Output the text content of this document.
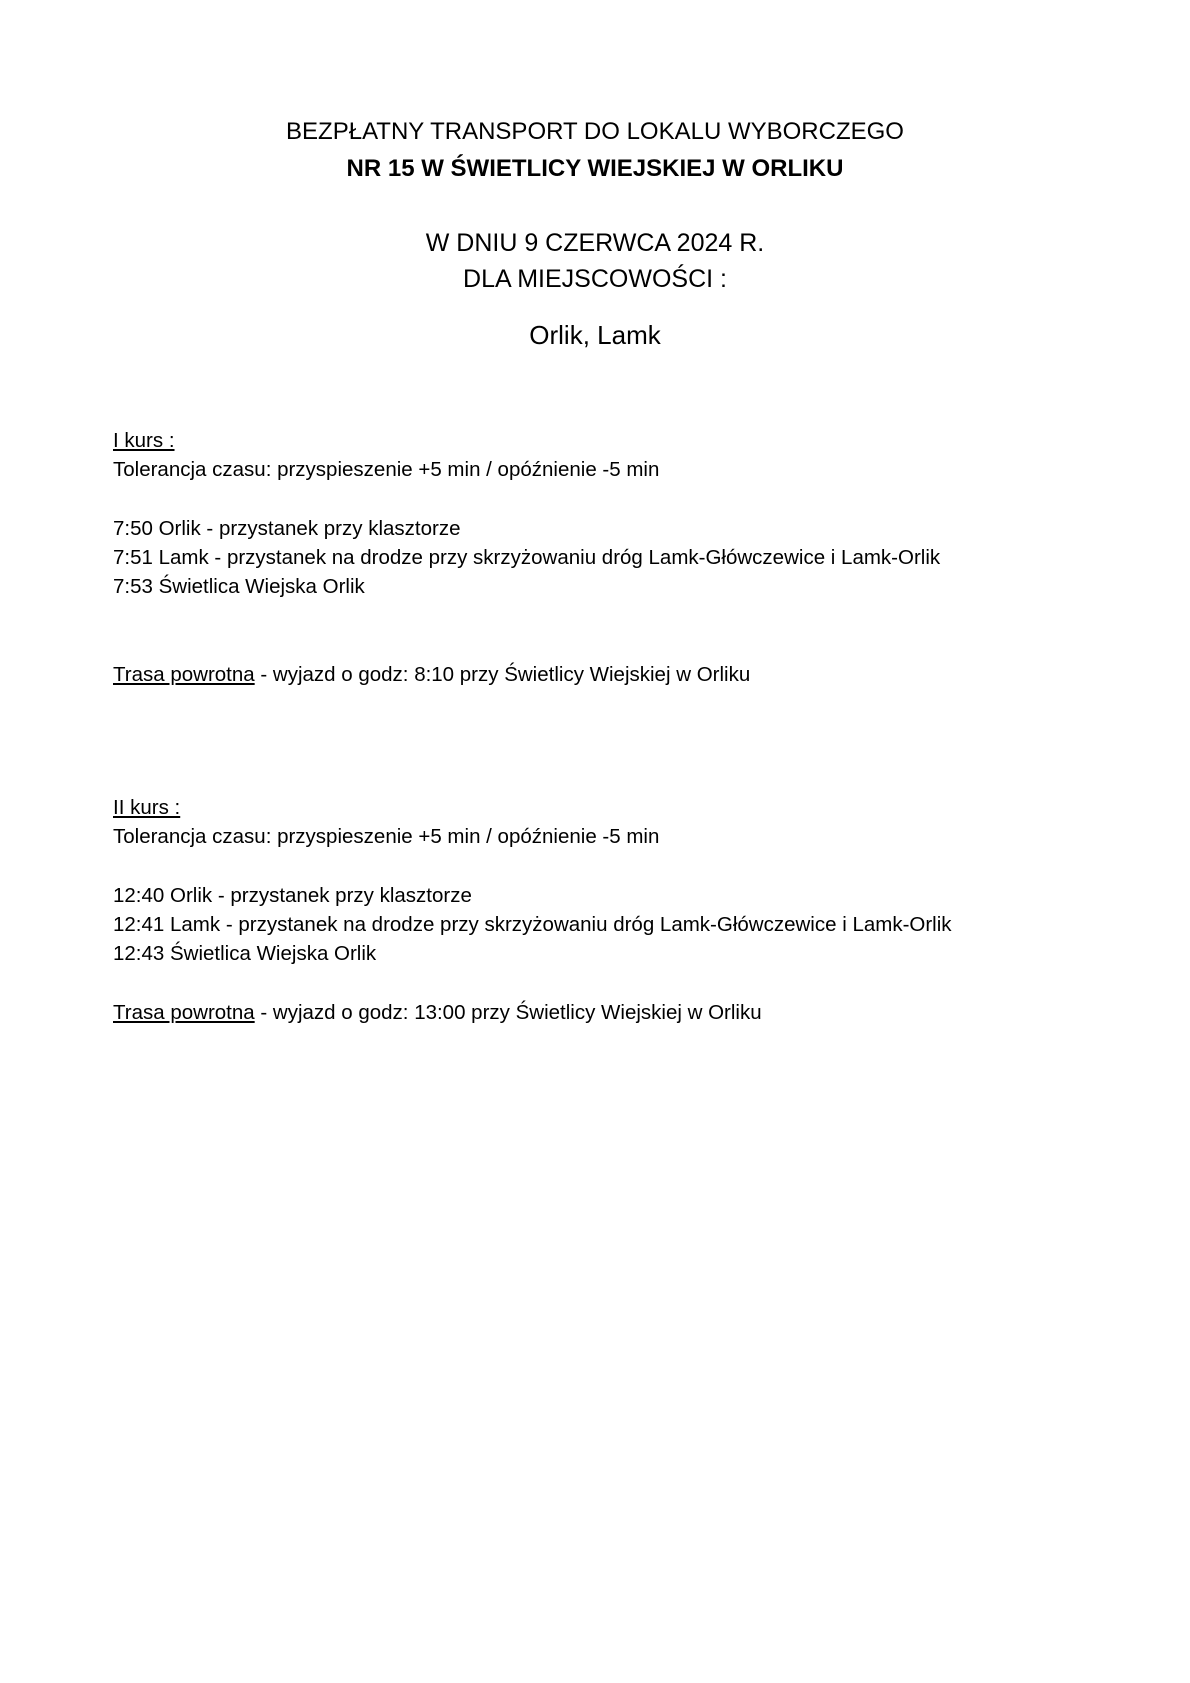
BEZPŁATNY TRANSPORT DO LOKALU WYBORCZEGO
NR 15 W ŚWIETLICY WIEJSKIEJ W ORLIKU
W DNIU 9 CZERWCA 2024 R.
DLA MIEJSCOWOŚCI :
Orlik, Lamk
I kurs :
Tolerancja czasu: przyspieszenie +5 min / opóźnienie -5 min
7:50 Orlik - przystanek przy klasztorze
7:51 Lamk - przystanek na drodze przy skrzyżowaniu dróg Lamk-Główczewice i Lamk-Orlik
7:53 Świetlica Wiejska Orlik
Trasa powrotna - wyjazd o godz: 8:10 przy Świetlicy Wiejskiej w Orliku
II kurs :
Tolerancja czasu: przyspieszenie +5 min / opóźnienie -5 min
12:40 Orlik - przystanek przy klasztorze
12:41 Lamk - przystanek na drodze przy skrzyżowaniu dróg Lamk-Główczewice i Lamk-Orlik
12:43 Świetlica Wiejska Orlik
Trasa powrotna - wyjazd o godz: 13:00 przy Świetlicy Wiejskiej w Orliku
